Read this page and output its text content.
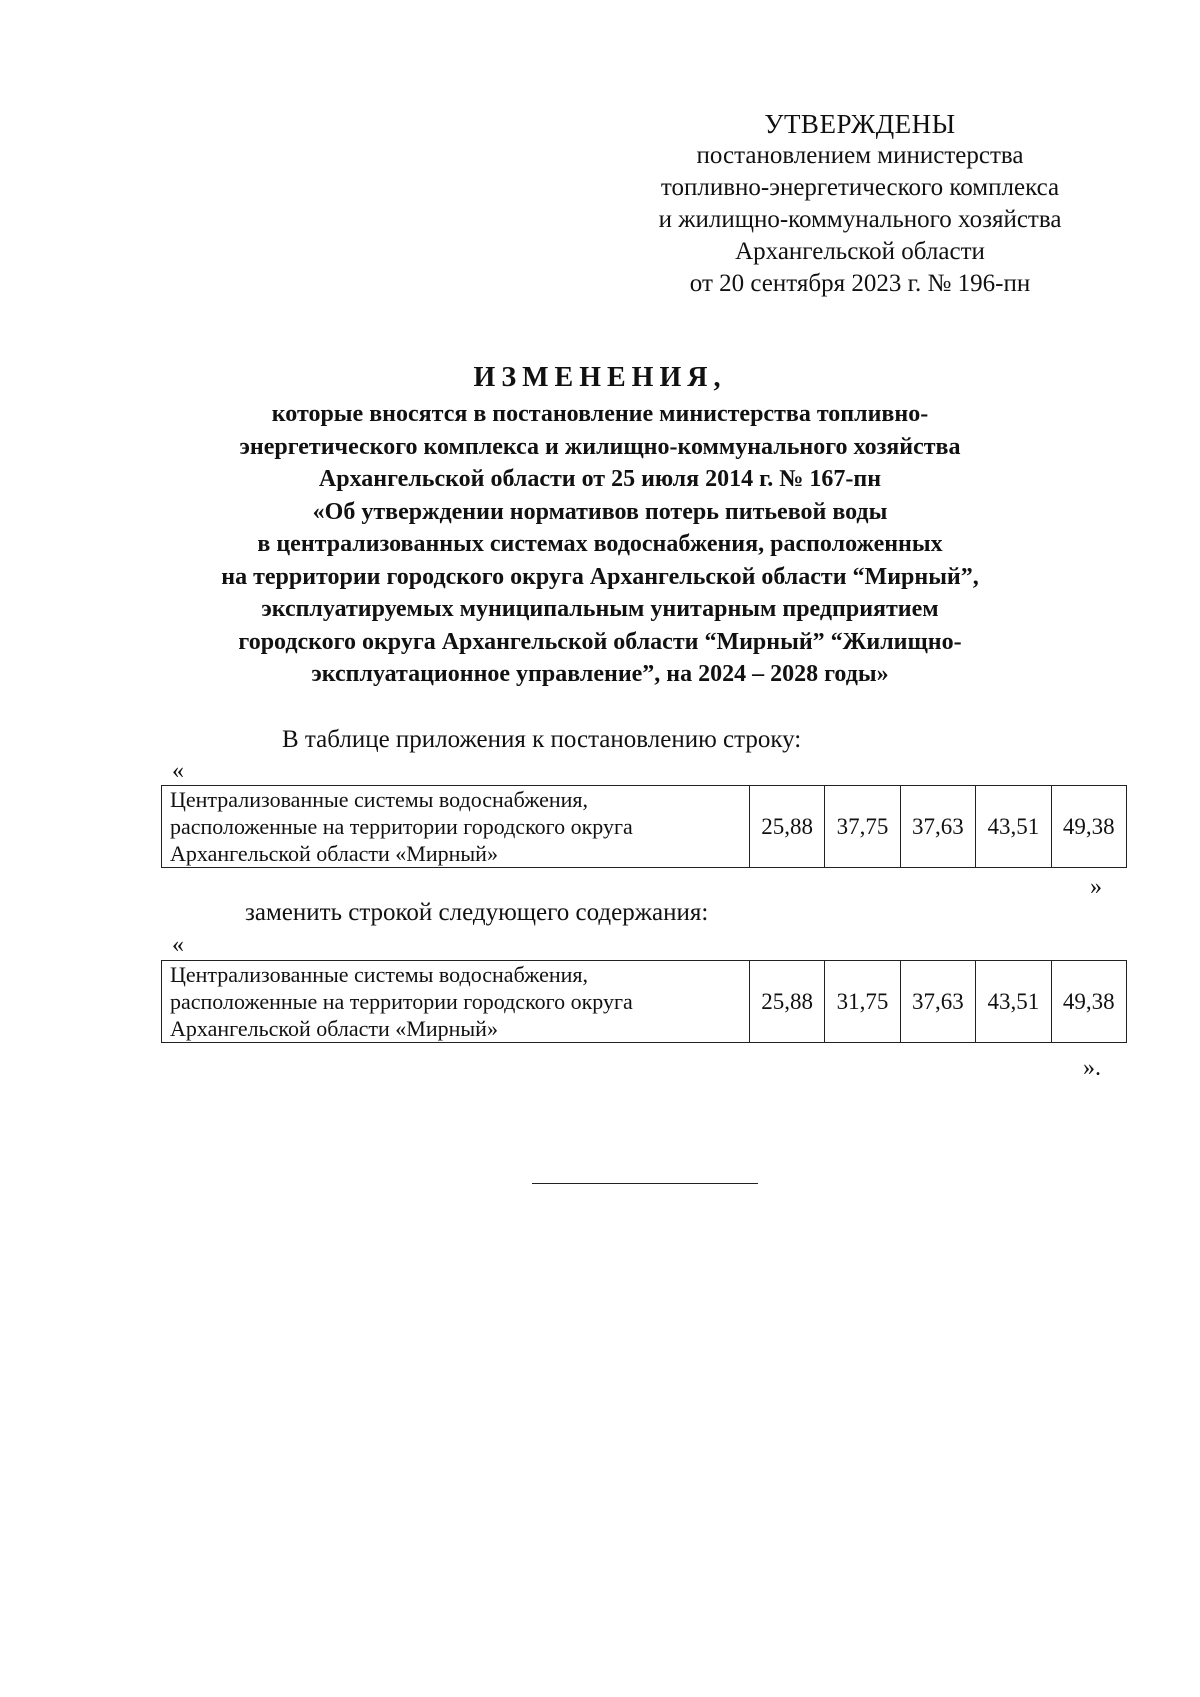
УТВЕРЖДЕНЫ
постановлением министерства
топливно-энергетического комплекса
и жилищно-коммунального хозяйства
Архангельской области
от 20 сентября 2023 г. № 196-пн
ИЗМЕНЕНИЯ,
которые вносятся в постановление министерства топливно-
энергетического комплекса и жилищно-коммунального хозяйства
Архангельской области от 25 июля 2014 г. № 167-пн
«Об утверждении нормативов потерь питьевой воды
в централизованных системах водоснабжения, расположенных
на территории городского округа Архангельской области “Мирный”,
эксплуатируемых муниципальным унитарным предприятием
городского округа Архангельской области “Мирный” “Жилищно-
эксплуатационное управление”, на 2024 – 2028 годы»
В таблице приложения к постановлению строку:
«
Централизованные системы водоснабжения,
расположенные на территории городского округа
Архангельской области «Мирный»
	25,88	37,75	37,63	43,51	49,38
»
заменить строкой следующего содержания:
«
Централизованные системы водоснабжения,
расположенные на территории городского округа
Архангельской области «Мирный»
	25,88	31,75	37,63	43,51	49,38
».
